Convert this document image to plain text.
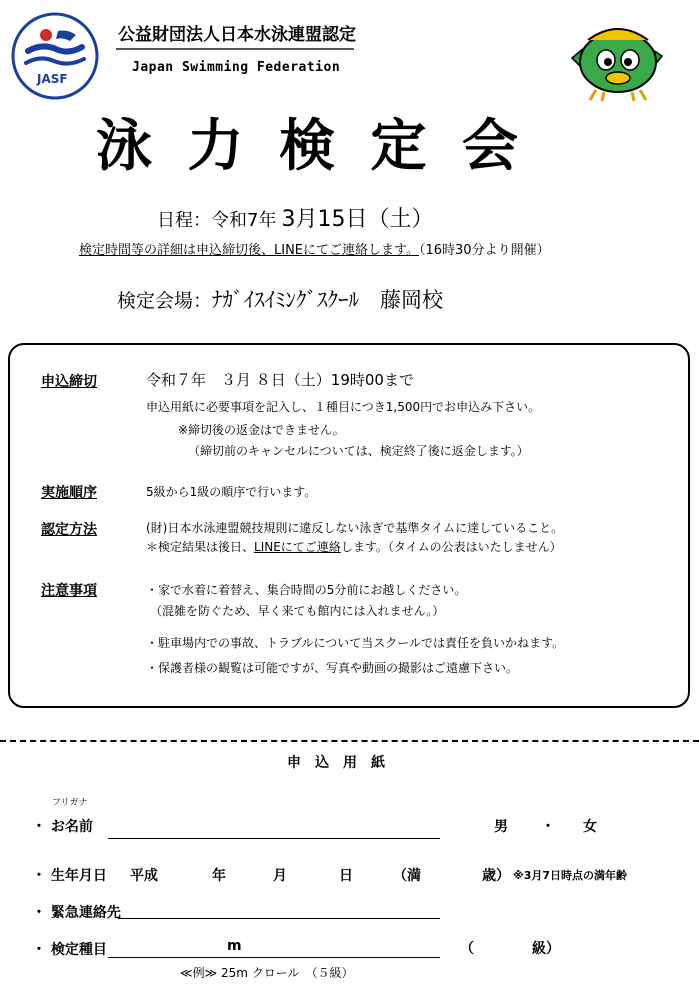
JASF
公益財団法人日本水泳連盟認定
Japan Swimming Federation
泳 力 検 定 会
日程：令和7年 3月15日（土）
検定時間等の詳細は申込締切後、LINEにてご連絡します。（16時30分より開催）
検定会場：ﾅｶﾞｲｽｲﾐﾝｸﾞｽｸｰﾙ　藤岡校
申込締切	令和７年　３月 ８日（土）19時00まで
申込用紙に必要事項を記入し、１種目につき1,500円でお申込み下さい。
※締切後の返金はできません。
（締切前のキャンセルについては、検定終了後に返金します。）
実施順序	5級から1級の順序で行います。
認定方法	(財)日本水泳連盟競技規則に違反しない泳ぎで基準タイムに達していること。
＊検定結果は後日、LINEにてご連絡します。（タイムの公表はいたしません）
注意事項	・家で水着に着替え、集合時間の5分前にお越しください。
（混雑を防ぐため、早く来ても館内には入れません。）
・駐車場内での事故、トラブルについて当スクールでは責任を負いかねます。
・保護者様の観覧は可能ですが、写真や動画の撮影はご遠慮下さい。
申　込　用　紙
フリガナ
・ お名前	男 ・ 女
・ 生年月日 平成	年	月	日	（満	歳） ※3月7日時点の満年齢
・ 緊急連絡先
・ 検定種目	m	（	級）
≪例≫ 25m クロール　（５級）
